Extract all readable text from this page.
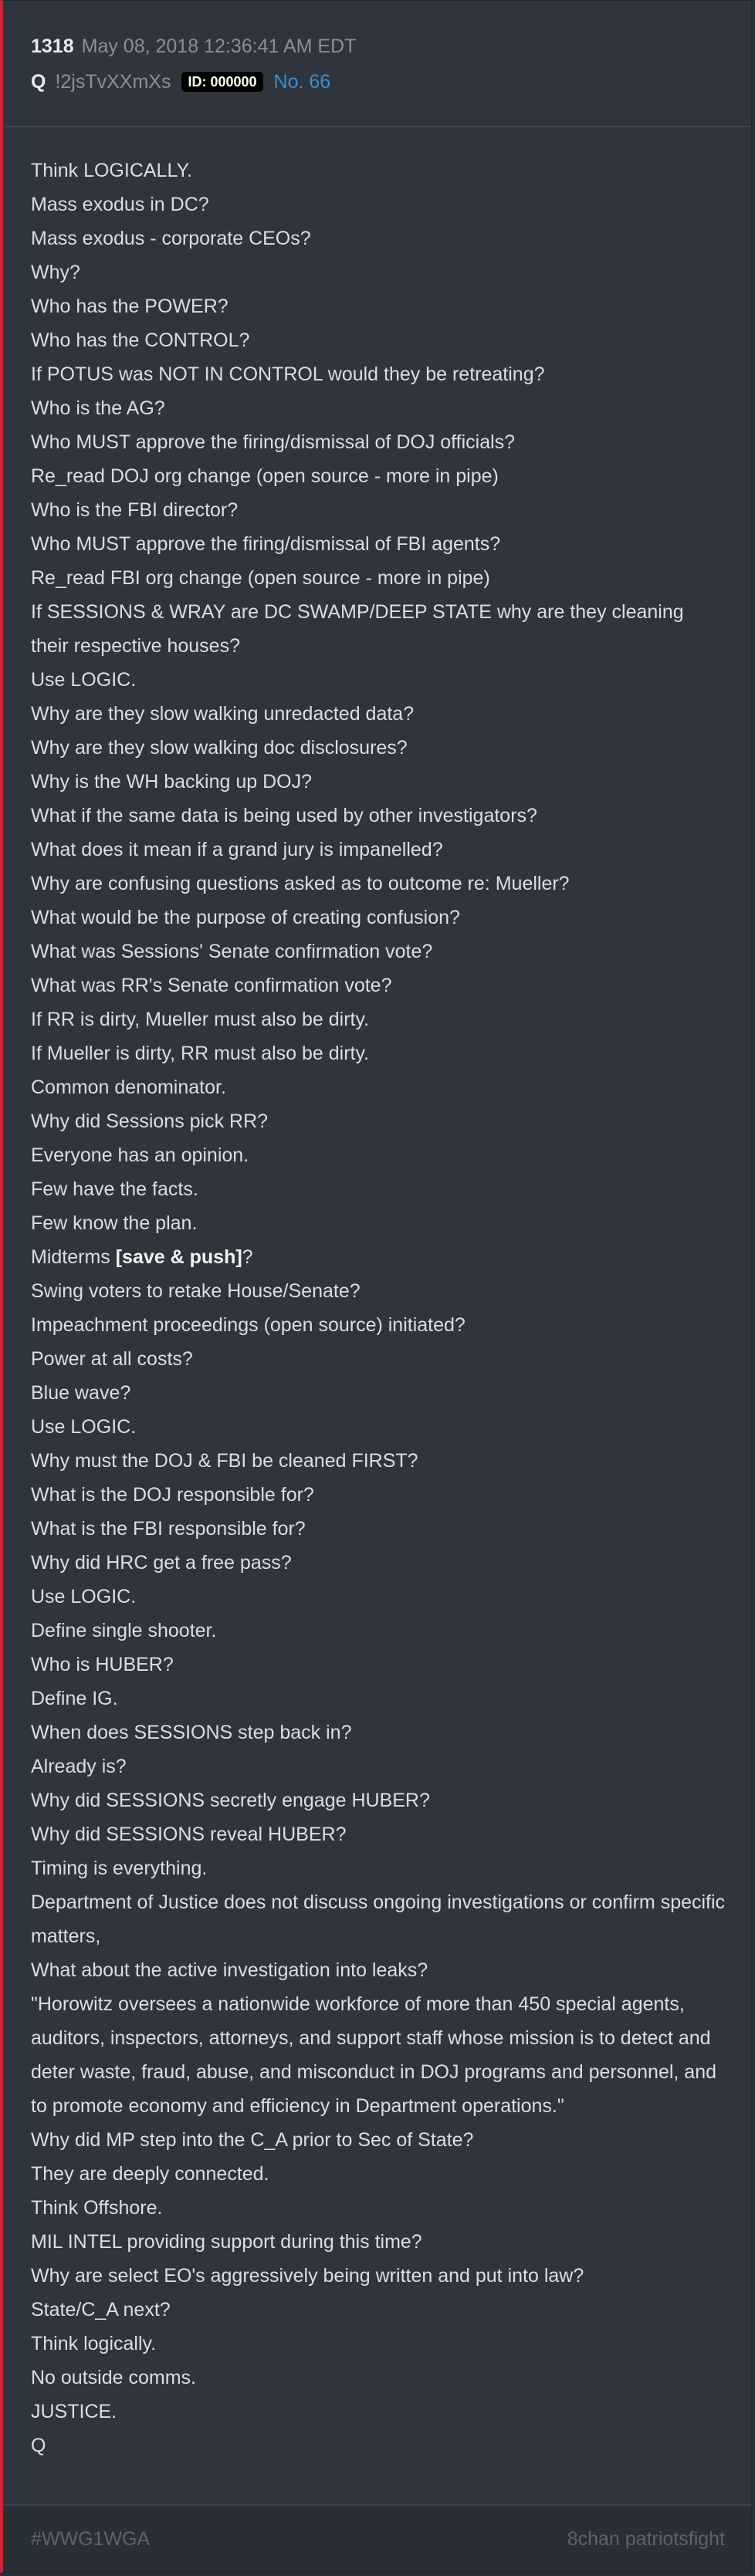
1318 May 08, 2018 12:36:41 AM EDT
Q !2jsTvXXmXs	ID: 000000 No. 66
Think LOGICALLY.
Mass exodus in DC?
Mass exodus - corporate CEOs?
Why?
Who has the POWER?
Who has the CONTROL?
If POTUS was NOT IN CONTROL would they be retreating?
Who is the AG?
Who MUST approve the firing/dismissal of DOJ officials?
Re_read DOJ org change (open source - more in pipe)
Who is the FBI director?
Who MUST approve the firing/dismissal of FBI agents?
Re_read FBI org change (open source - more in pipe)
If SESSIONS & WRAY are DC SWAMP/DEEP STATE why are they cleaning their respective houses?
Use LOGIC.
Why are they slow walking unredacted data?
Why are they slow walking doc disclosures?
Why is the WH backing up DOJ?
What if the same data is being used by other investigators?
What does it mean if a grand jury is impanelled?
Why are confusing questions asked as to outcome re: Mueller?
What would be the purpose of creating confusion?
What was Sessions' Senate confirmation vote?
What was RR's Senate confirmation vote?
If RR is dirty, Mueller must also be dirty.
If Mueller is dirty, RR must also be dirty.
Common denominator.
Why did Sessions pick RR?
Everyone has an opinion.
Few have the facts.
Few know the plan.
Midterms [save & push]?
Swing voters to retake House/Senate?
Impeachment proceedings (open source) initiated?
Power at all costs?
Blue wave?
Use LOGIC.
Why must the DOJ & FBI be cleaned FIRST?
What is the DOJ responsible for?
What is the FBI responsible for?
Why did HRC get a free pass?
Use LOGIC.
Define single shooter.
Who is HUBER?
Define IG.
When does SESSIONS step back in?
Already is?
Why did SESSIONS secretly engage HUBER?
Why did SESSIONS reveal HUBER?
Timing is everything.
Department of Justice does not discuss ongoing investigations or confirm specific matters,
What about the active investigation into leaks?
"Horowitz oversees a nationwide workforce of more than 450 special agents, auditors, inspectors, attorneys, and support staff whose mission is to detect and deter waste, fraud, abuse, and misconduct in DOJ programs and personnel, and to promote economy and efficiency in Department operations."
Why did MP step into the C_A prior to Sec of State?
They are deeply connected.
Think Offshore.
MIL INTEL providing support during this time?
Why are select EO's aggressively being written and put into law?
State/C_A next?
Think logically.
No outside comms.
JUSTICE.
Q
#WWG1WGA	8chan patriotsfight
